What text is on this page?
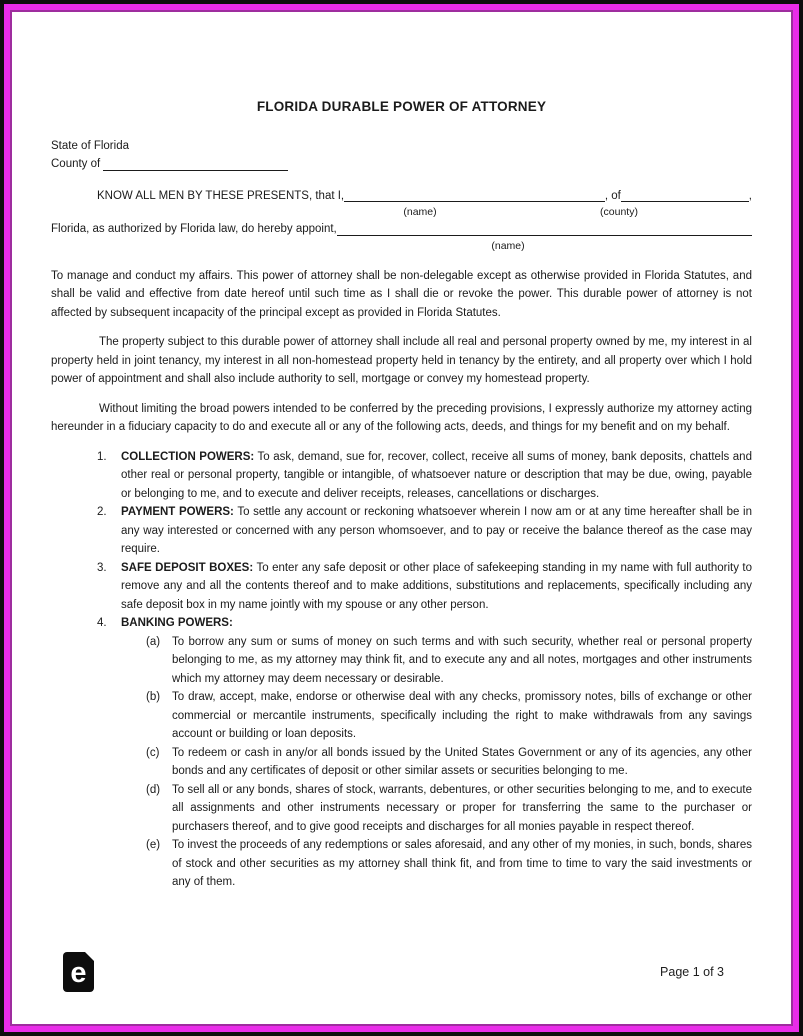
FLORIDA DURABLE POWER OF ATTORNEY
State of Florida
County of
KNOW ALL MEN BY THESE PRESENTS, that I,	, of	,
(name)	(county)
Florida, as authorized by Florida law, do hereby appoint,
(name)

To manage and conduct my affairs. This power of attorney shall be non-delegable except as otherwise provided in Florida Statutes, and shall be valid and effective from date hereof until such time as I shall die or revoke the power. This durable power of attorney is not affected by subsequent incapacity of the principal except as provided in Florida Statutes.

The property subject to this durable power of attorney shall include all real and personal property owned by me, my interest in al property held in joint tenancy, my interest in all non-homestead property held in tenancy by the entirety, and all property over which I hold power of appointment and shall also include authority to sell, mortgage or convey my homestead property.

Without limiting the broad powers intended to be conferred by the preceding provisions, I expressly authorize my attorney acting hereunder in a fiduciary capacity to do and execute all or any of the following acts, deeds, and things for my benefit and on my behalf.

1. COLLECTION POWERS: To ask, demand, sue for, recover, collect, receive all sums of money, bank deposits, chattels and other real or personal property, tangible or intangible, of whatsoever nature or description that may be due, owing, payable or belonging to me, and to execute and deliver receipts, releases, cancellations or discharges.
2. PAYMENT POWERS: To settle any account or reckoning whatsoever wherein I now am or at any time hereafter shall be in any way interested or concerned with any person whomsoever, and to pay or receive the balance thereof as the case may require.
3. SAFE DEPOSIT BOXES: To enter any safe deposit or other place of safekeeping standing in my name with full authority to remove any and all the contents thereof and to make additions, substitutions and replacements, specifically including any safe deposit box in my name jointly with my spouse or any other person.
4. BANKING POWERS:
(a) To borrow any sum or sums of money on such terms and with such security, whether real or personal property belonging to me, as my attorney may think fit, and to execute any and all notes, mortgages and other instruments which my attorney may deem necessary or desirable.
(b) To draw, accept, make, endorse or otherwise deal with any checks, promissory notes, bills of exchange or other commercial or mercantile instruments, specifically including the right to make withdrawals from any savings account or building or loan deposits.
(c) To redeem or cash in any/or all bonds issued by the United States Government or any of its agencies, any other bonds and any certificates of deposit or other similar assets or securities belonging to me.
(d) To sell all or any bonds, shares of stock, warrants, debentures, or other securities belonging to me, and to execute all assignments and other instruments necessary or proper for transferring the same to the purchaser or purchasers thereof, and to give good receipts and discharges for all monies payable in respect thereof.
(e) To invest the proceeds of any redemptions or sales aforesaid, and any other of my monies, in such, bonds, shares of stock and other securities as my attorney shall think fit, and from time to time to vary the said investments or any of them.
e	Page 1 of 3
